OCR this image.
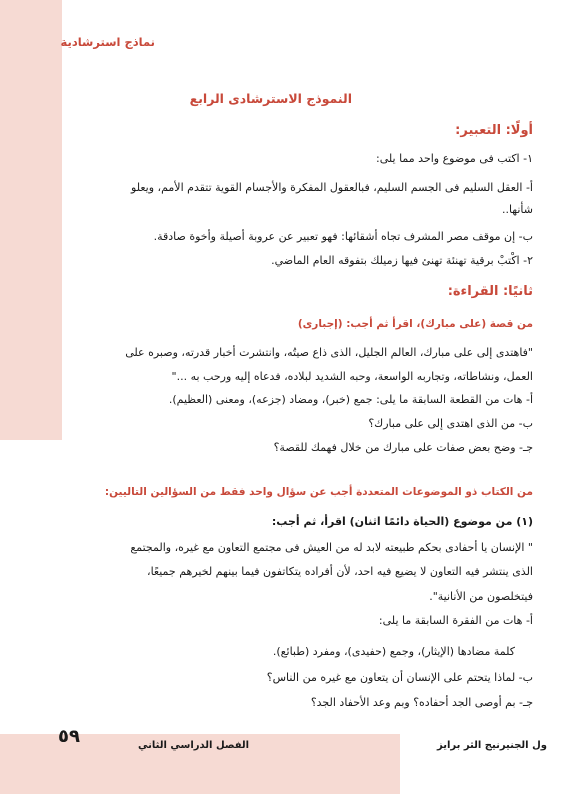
نماذج استرشادية
النموذج الاسترشادى الرابع
أولًا: التعبير:
١- اكتب فى موضوع واحد مما يلى:
أ- العقل السليم فى الجسم السليم، فبالعقول المفكرة والأجسام القوية تتقدم الأمم، ويعلو
شأنها..
ب- إن موقف مصر المشرف تجاه أشقائها: فهو تعبير عن عروبة أصيلة وأخوة صادقة.
٢- اكْتبْ برقية تهنئة تهنئ فيها زميلك بتفوقه العام الماضي.
ثانيًا: القراءة:
من قصة (على مبارك)، اقرأ ثم أجب: (إجبارى)
"فاهتدى إلى على مبارك، العالم الجليل، الذى ذاع صيتُه، وانتشرت أخبار قدرته، وصبره على
العمل، ونشاطاته، وتجاربه الواسعة، وحبه الشديد لبلاده، فدعاه إليه ورحب به ..."
أ- هات من القطعة السابقة ما يلى: جمع (خبر)، ومضاد (جزعه)، ومعنى (العظيم).
ب- من الذى اهتدى إلى على مبارك؟
جـ- وضح بعض صفات على مبارك من خلال فهمك للقصة؟
من الكتاب ذو الموضوعات المتعددة أجب عن سؤال واحد فقط من السؤالين التاليين:
(١) من موضوع (الحياة دائمًا اثنان) اقرأ، ثم أجب:
" الإنسان يا أحفادى بحكم طبيعته لابد له من العيش فى مجتمع التعاون مع غيره، والمجتمع
الذى ينتشر فيه التعاون لا يضيع فيه احد، لأن أفراده يتكاتفون فيما بينهم لخيرهم جميعًا،
فيتخلصون من الأنانية".
أ- هات من الفقرة السابقة ما يلى:
كلمة مضادها (الإيثار)، وجمع (حفيدى)، ومفرد (طبائع).
ب- لماذا يتحتم على الإنسان أن يتعاون مع غيره من الناس؟
جـ- بم أوصى الجد أحفاده؟ وبم وعد الأحفاد الجد؟
٥٩	الفصل الدراسي الثاني	ول الجنيرنيج الثر برايز
